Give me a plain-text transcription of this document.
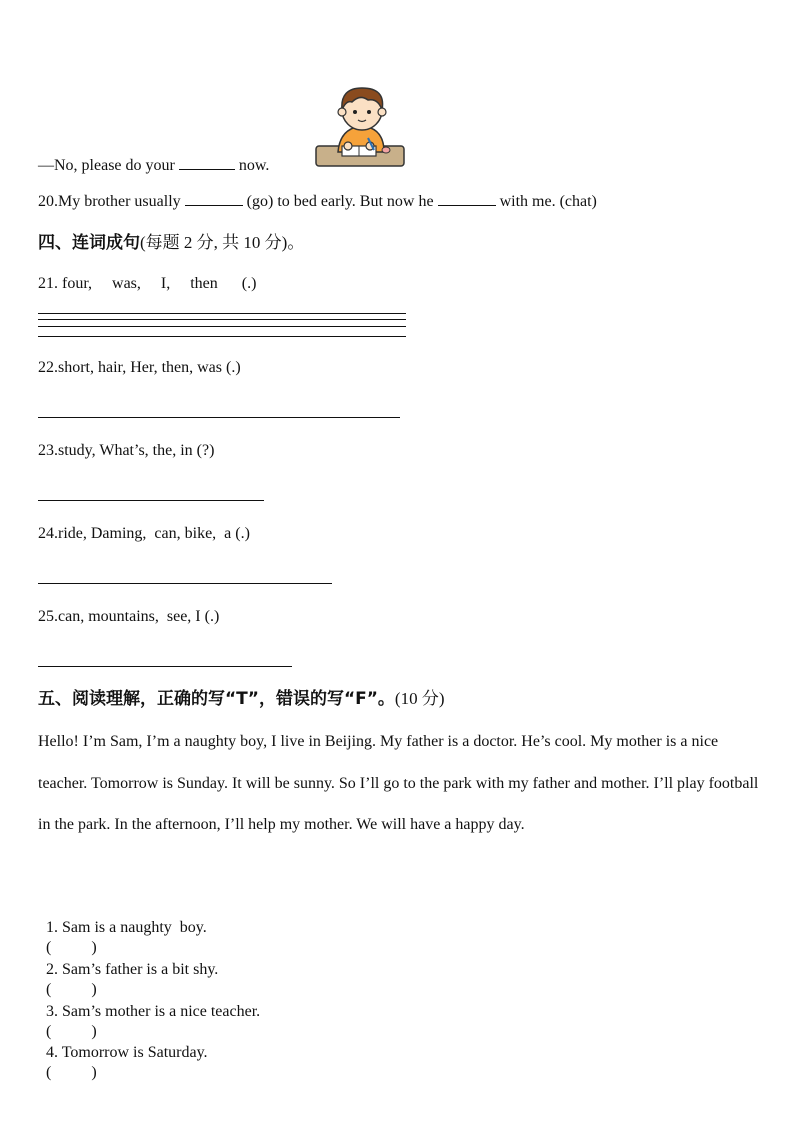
—No, please do your	now.
20.My brother usually	(go) to bed early. But now he	with me. (chat)
四、连词成句(每题 2 分, 共 10 分)。
21. four,     was,     I,     then      (.)
22.short, hair, Her, then, was (.)
23.study, What’s, the, in (?)
24.ride, Daming,  can, bike,  a (.)
25.can, mountains,  see, I (.)
五、阅读理解，正确的写“T”，错误的写“F”。(10 分)
Hello! I’m Sam, I’m a naughty boy, I live in Beijing. My father is a doctor. He’s cool. My mother is a nice teacher. Tomorrow is Sunday. It will be sunny. So I’ll go to the park with my father and mother. I’ll play football in the park. In the afternoon, I’ll help my mother. We will have a happy day.

1. Sam is a naughty  boy.
(          )

2. Sam’s father is a bit shy.
(          )

3. Sam’s mother is a nice teacher.
(          )

4. Tomorrow is Saturday.
(          )
